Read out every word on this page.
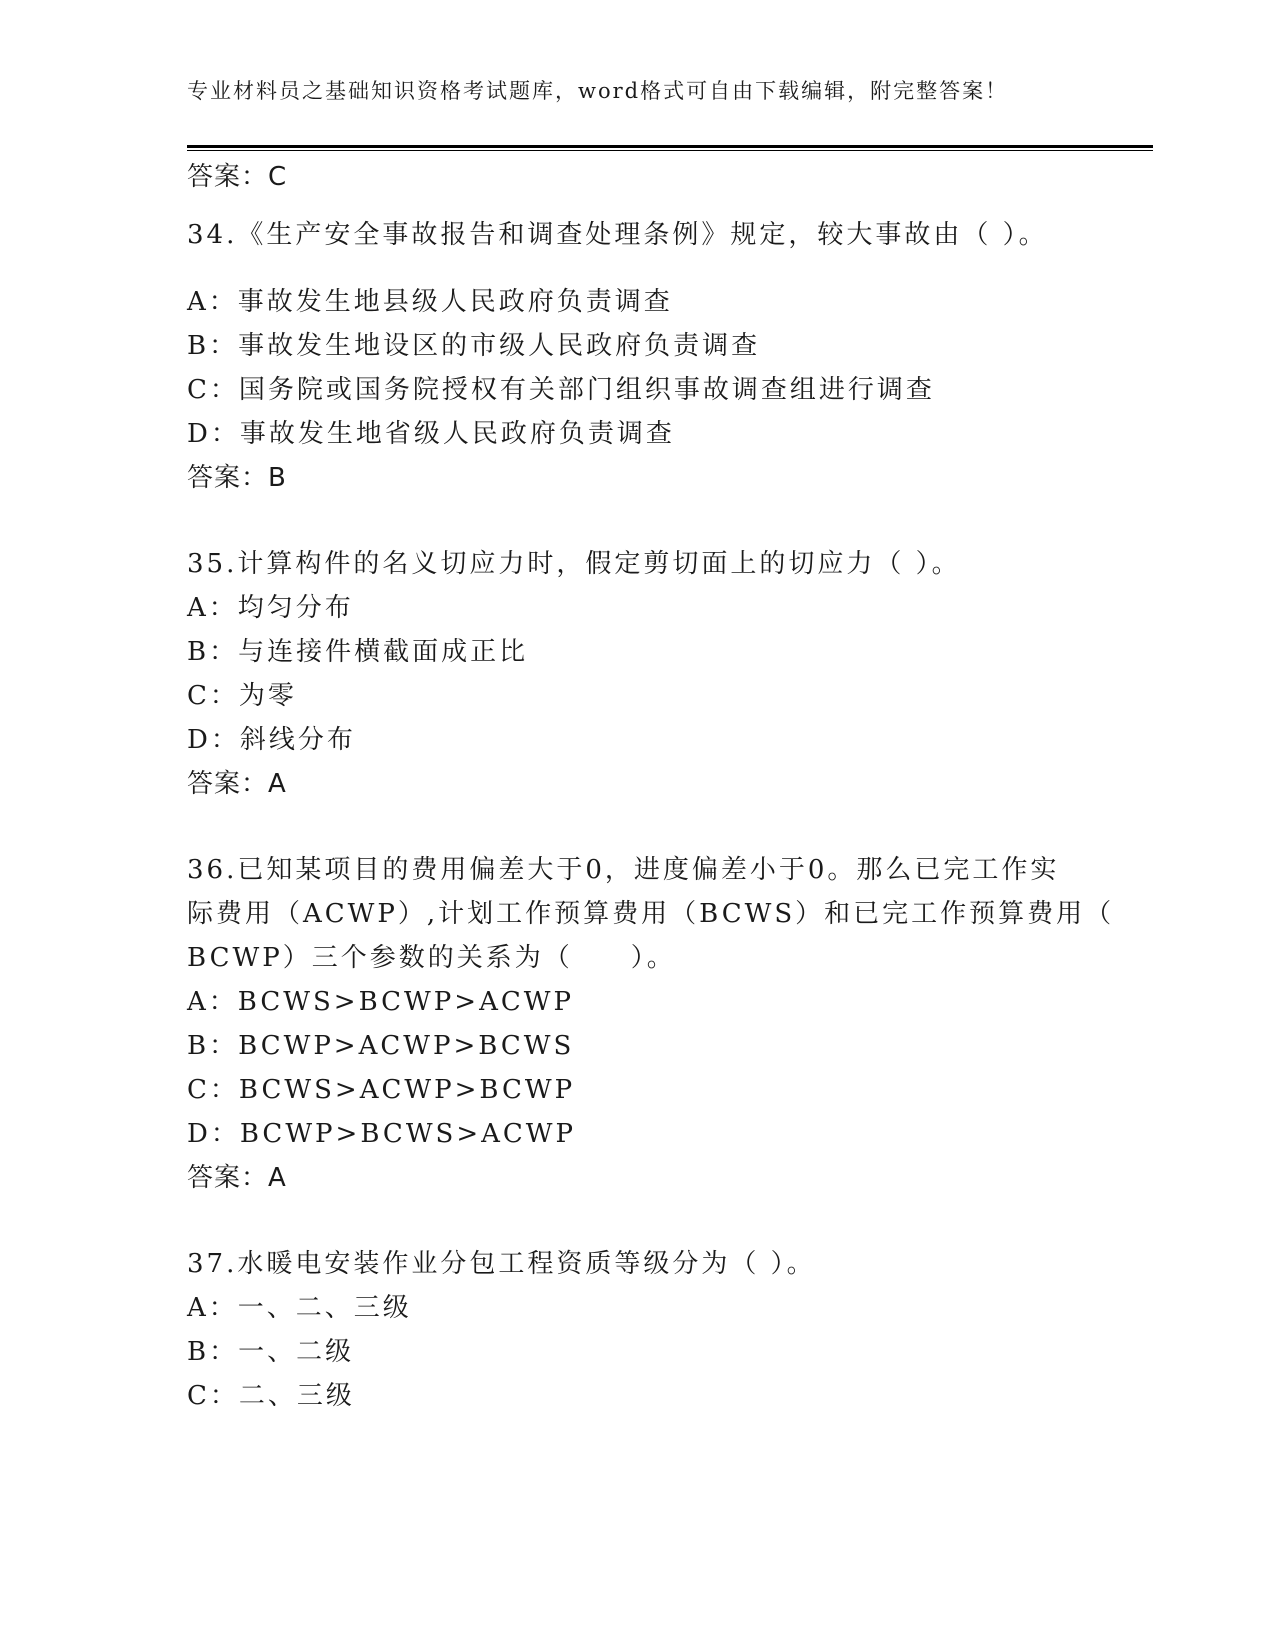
专业材料员之基础知识资格考试题库，word格式可自由下载编辑，附完整答案！
答案：C
34.《生产安全事故报告和调查处理条例》规定，较大事故由（ ）。
A：事故发生地县级人民政府负责调查
B：事故发生地设区的市级人民政府负责调查
C：国务院或国务院授权有关部门组织事故调查组进行调查
D：事故发生地省级人民政府负责调查
答案：B
35.计算构件的名义切应力时，假定剪切面上的切应力（ ）。
A：均匀分布
B：与连接件横截面成正比
C：为零
D：斜线分布
答案：A
36.已知某项目的费用偏差大于0，进度偏差小于0。那么已完工作实
际费用（ACWP）,计划工作预算费用（BCWS）和已完工作预算费用（
BCWP）三个参数的关系为（　　）。
A：BCWS>BCWP>ACWP
B：BCWP>ACWP>BCWS
C：BCWS>ACWP>BCWP
D：BCWP>BCWS>ACWP
答案：A
37.水暖电安装作业分包工程资质等级分为（ ）。
A：一、二、三级
B：一、二级
C：二、三级
